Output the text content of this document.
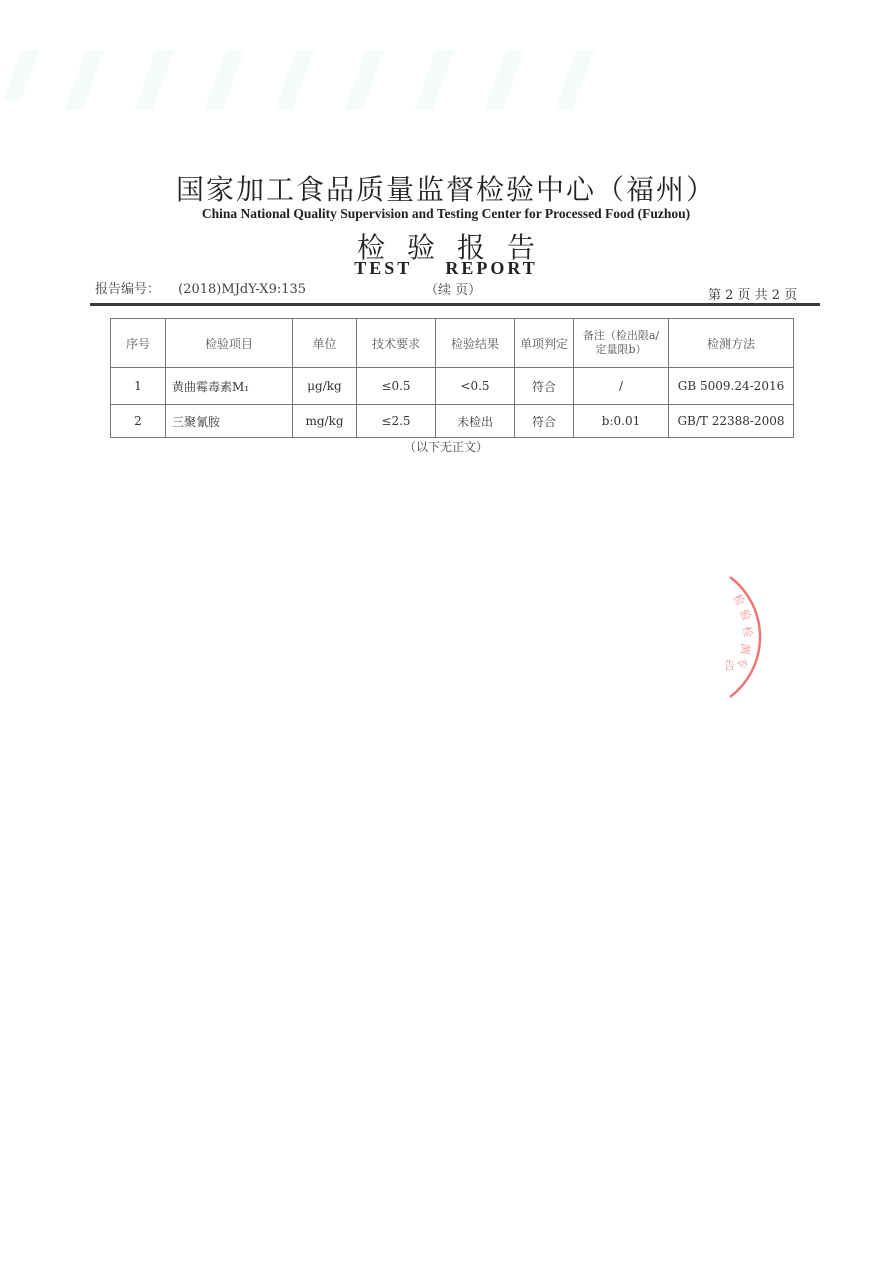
国家加工食品质量监督检验中心（福州）
China National Quality Supervision and Testing Center for Processed Food (Fuzhou)
检验报告
TEST REPORT
报告编号： (2018)MJdY-X9:135	（续 页）	第 2 页 共 2 页
序号	检验项目	单位	技术要求	检验结果	单项判定	备注（检出限a/定量限b）	检测方法
1	黄曲霉毒素M₁	μg/kg	≤0.5	<0.5	符合	/	GB 5009.24-2016
2	三聚氰胺	mg/kg	≤2.5	未检出	符合	b:0.01	GB/T 22388-2008
（以下无正文）
检
验
检
测
专
告
